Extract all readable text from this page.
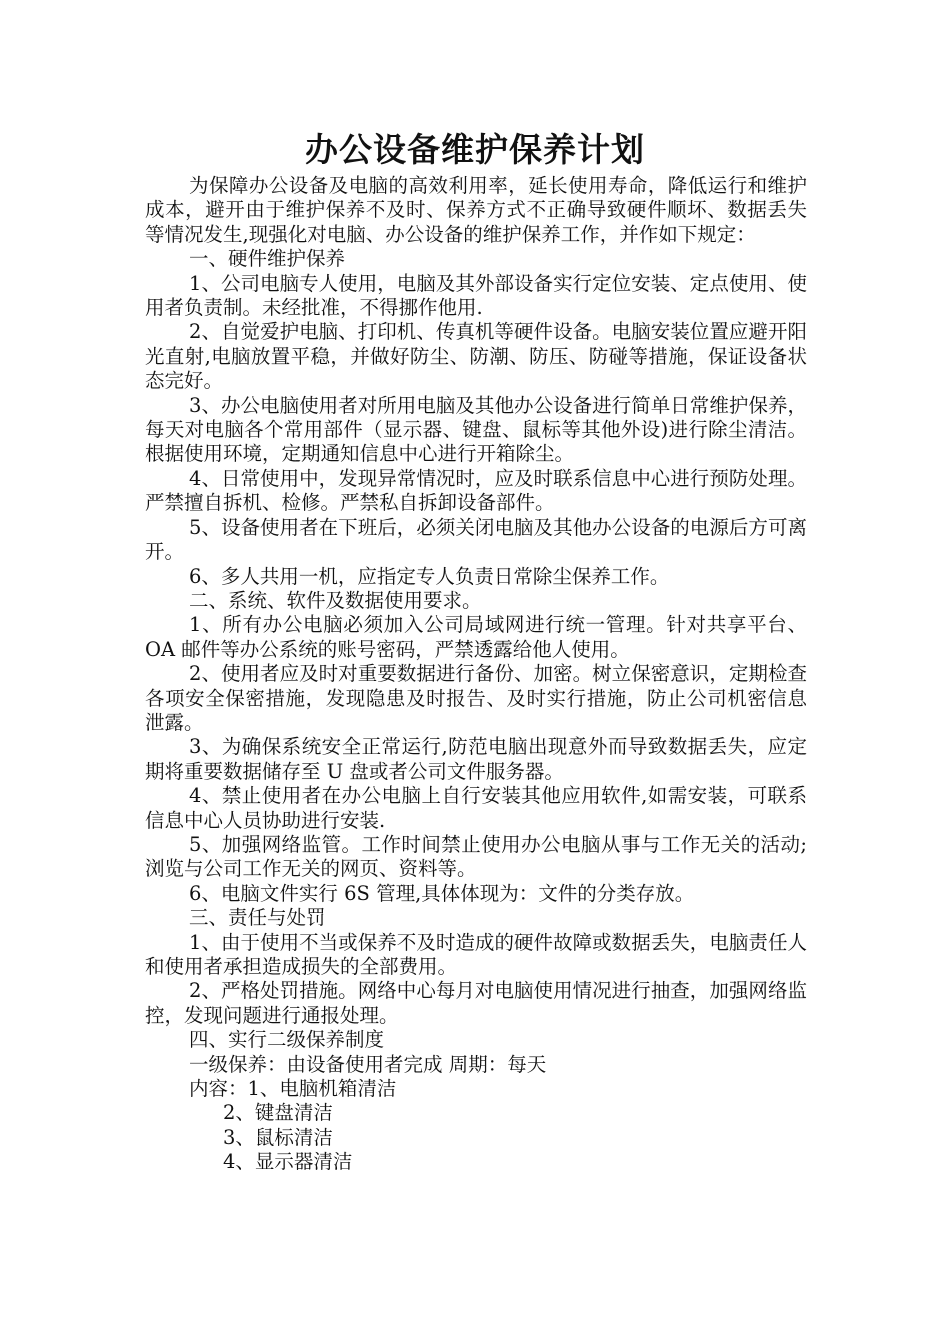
办公设备维护保养计划

为保障办公设备及电脑的高效利用率，延长使用寿命，降低运行和维护成本，避开由于维护保养不及时、保养方式不正确导致硬件顺坏、数据丢失等情况发生,现强化对电脑、办公设备的维护保养工作，并作如下规定：

一、硬件维护保养

1、公司电脑专人使用，电脑及其外部设备实行定位安装、定点使用、使用者负责制。未经批准，不得挪作他用.

2、自觉爱护电脑、打印机、传真机等硬件设备。电脑安装位置应避开阳光直射,电脑放置平稳，并做好防尘、防潮、防压、防碰等措施，保证设备状态完好。

3、办公电脑使用者对所用电脑及其他办公设备进行简单日常维护保养，每天对电脑各个常用部件（显示器、键盘、鼠标等其他外设)进行除尘清洁。根据使用环境，定期通知信息中心进行开箱除尘。

4、日常使用中，发现异常情况时，应及时联系信息中心进行预防处理。严禁擅自拆机、检修。严禁私自拆卸设备部件。

5、设备使用者在下班后，必须关闭电脑及其他办公设备的电源后方可离开。

6、多人共用一机，应指定专人负责日常除尘保养工作。

二、系统、软件及数据使用要求。

1、所有办公电脑必须加入公司局域网进行统一管理。针对共享平台、OA 邮件等办公系统的账号密码，严禁透露给他人使用。

2、使用者应及时对重要数据进行备份、加密。树立保密意识，定期检查各项安全保密措施，发现隐患及时报告、及时实行措施，防止公司机密信息泄露。

3、为确保系统安全正常运行,防范电脑出现意外而导致数据丢失，应定期将重要数据储存至 U 盘或者公司文件服务器。

4、禁止使用者在办公电脑上自行安装其他应用软件,如需安装，可联系信息中心人员协助进行安装.

5、加强网络监管。工作时间禁止使用办公电脑从事与工作无关的活动;浏览与公司工作无关的网页、资料等。

6、电脑文件实行 6S 管理,具体体现为：文件的分类存放。

三、责任与处罚

1、由于使用不当或保养不及时造成的硬件故障或数据丢失，电脑责任人和使用者承担造成损失的全部费用。

2、严格处罚措施。网络中心每月对电脑使用情况进行抽查，加强网络监控，发现问题进行通报处理。

四、实行二级保养制度

一级保养：由设备使用者完成 周期：每天

内容：1、电脑机箱清洁

2、键盘清洁

3、鼠标清洁

4、显示器清洁
